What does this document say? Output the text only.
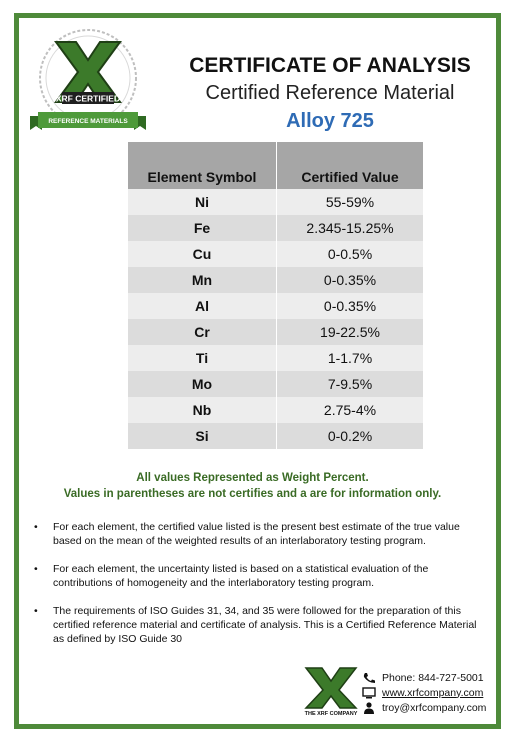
XRF CERTIFIED
REFERENCE MATERIALS
CERTIFICATE OF ANALYSIS
Certified Reference Material
Alloy 725
Element Symbol	Certified Value
Ni	55-59%
Fe	2.345-15.25%
Cu	0-0.5%
Mn	0-0.35%
Al	0-0.35%
Cr	19-22.5%
Ti	1-1.7%
Mo	7-9.5%
Nb	2.75-4%
Si	0-0.2%
All values Represented as Weight Percent.
Values in parentheses are not certifies and a are for information only.
• For each element, the certified value listed is the present best estimate of the true value based on the mean of the weighted results of an interlaboratory testing program.
• For each element, the uncertainty listed is based on a statistical evaluation of the contributions of homogeneity and the interlaboratory testing program.
• The requirements of ISO Guides 31, 34, and 35 were followed for the preparation of this certified reference material and certificate of analysis. This is a Certified Reference Material as defined by ISO Guide 30
THE XRF COMPANY
Phone: 844-727-5001
www.xrfcompany.com
troy@xrfcompany.com
